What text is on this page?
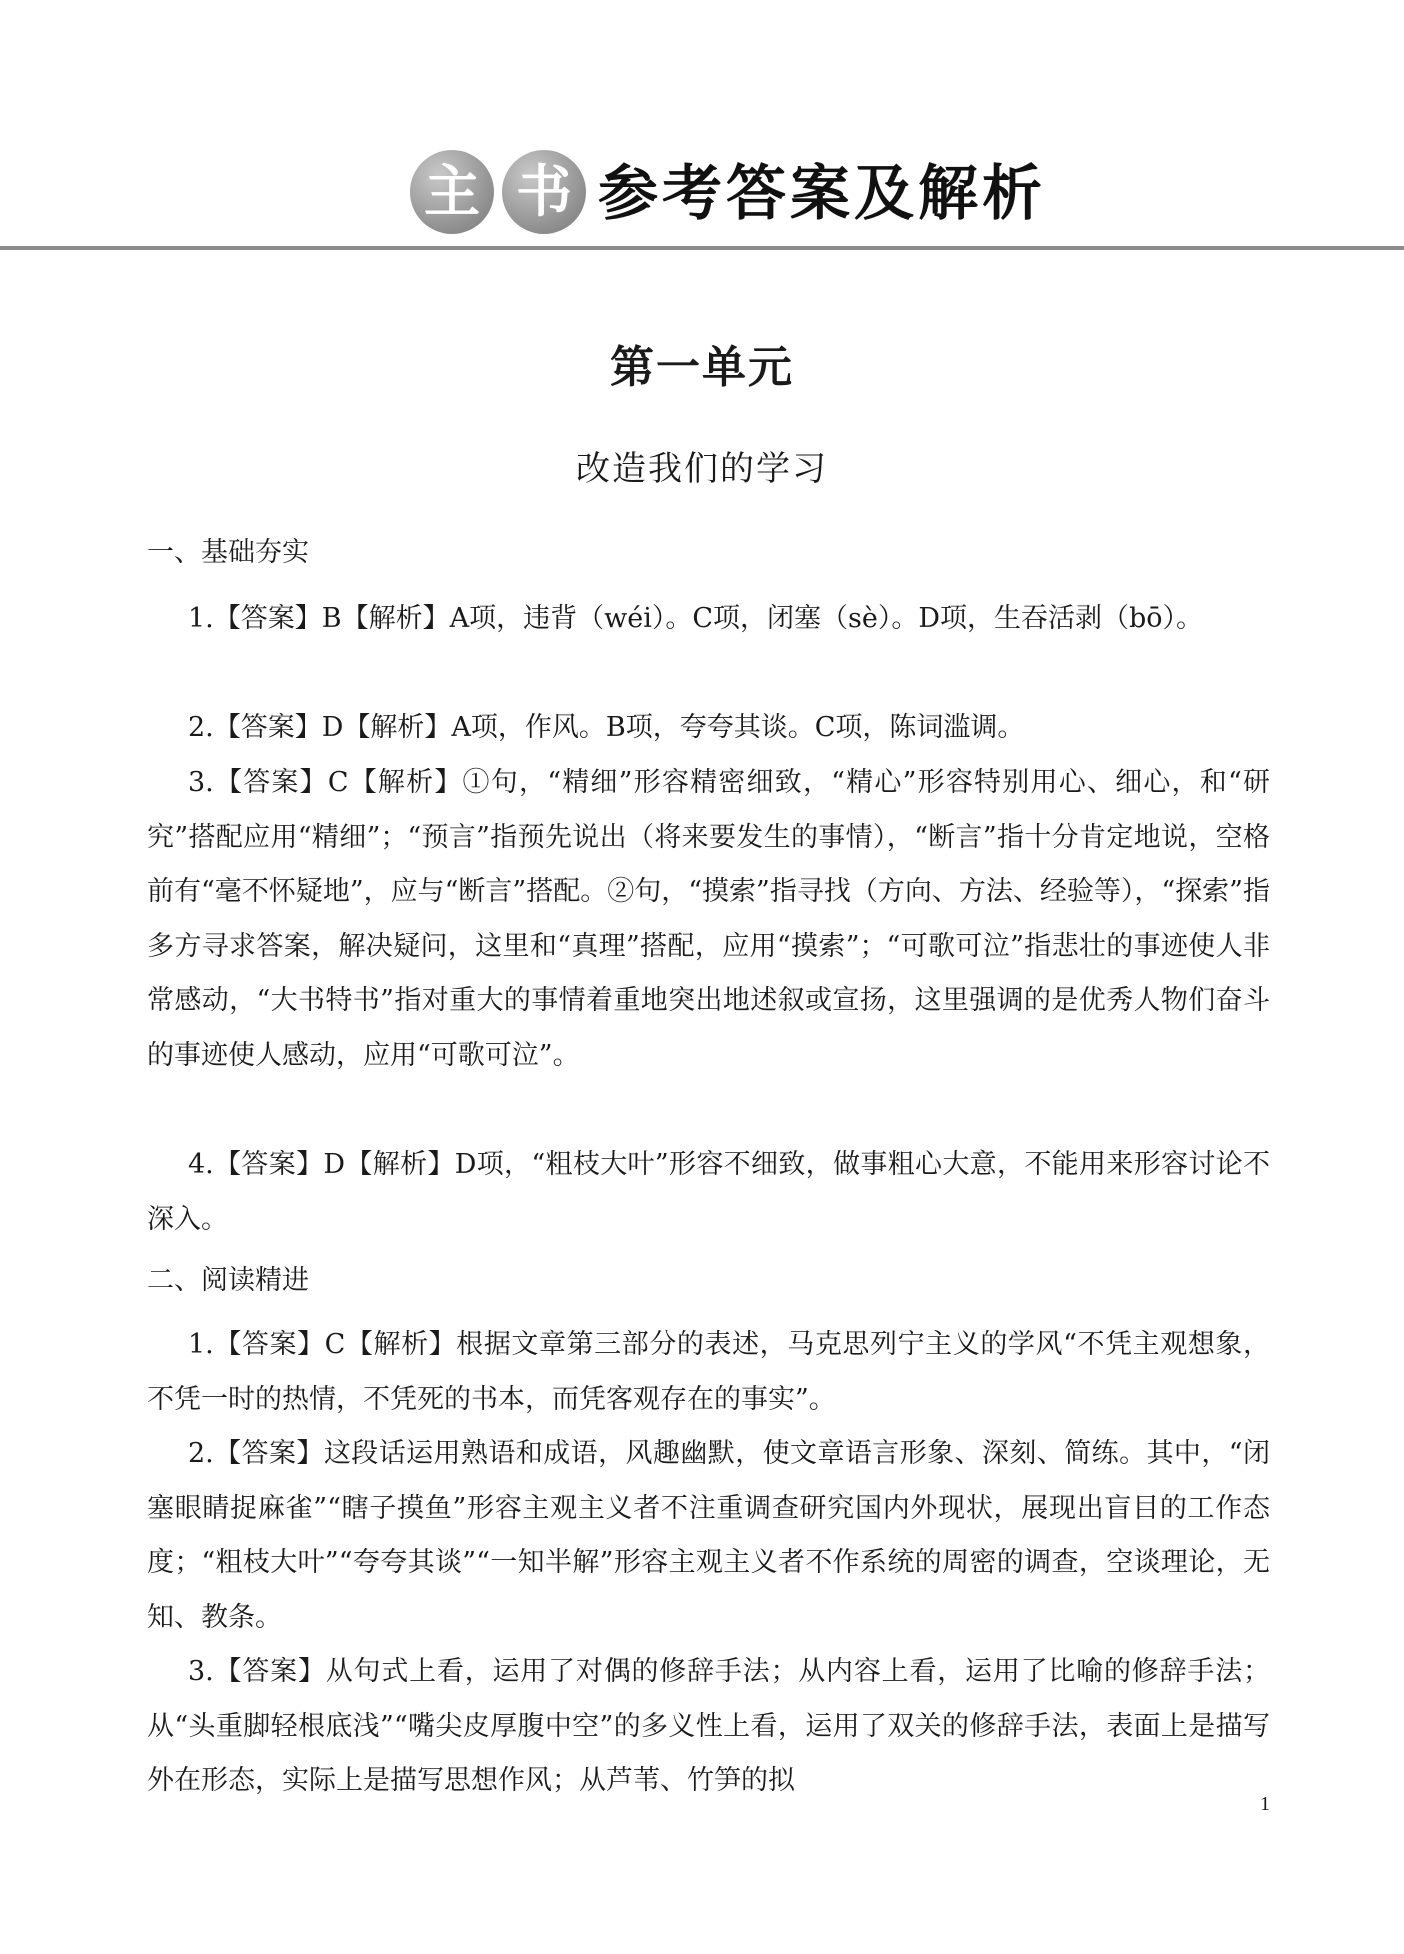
主 书 参考答案及解析
第一单元
改造我们的学习
一、基础夯实

1.【答案】B【解析】A项，违背（wéi）。C项，闭塞（sè）。D项，生吞活剥（bō）。

2.【答案】D【解析】A项，作风。B项，夸夸其谈。C项，陈词滥调。

3.【答案】C【解析】①句，“精细”形容精密细致，“精心”形容特别用心、细心，和“研究”搭配应用“精细”；“预言”指预先说出（将来要发生的事情），“断言”指十分肯定地说，空格前有“毫不怀疑地”，应与“断言”搭配。②句，“摸索”指寻找（方向、方法、经验等），“探索”指多方寻求答案，解决疑问，这里和“真理”搭配，应用“摸索”；“可歌可泣”指悲壮的事迹使人非常感动，“大书特书”指对重大的事情着重地突出地述叙或宣扬，这里强调的是优秀人物们奋斗的事迹使人感动，应用“可歌可泣”。

4.【答案】D【解析】D项，“粗枝大叶”形容不细致，做事粗心大意，不能用来形容讨论不深入。

二、阅读精进

1.【答案】C【解析】根据文章第三部分的表述，马克思列宁主义的学风“不凭主观想象，不凭一时的热情，不凭死的书本，而凭客观存在的事实”。

2.【答案】这段话运用熟语和成语，风趣幽默，使文章语言形象、深刻、简练。其中，“闭塞眼睛捉麻雀”“瞎子摸鱼”形容主观主义者不注重调查研究国内外现状，展现出盲目的工作态度；“粗枝大叶”“夸夸其谈”“一知半解”形容主观主义者不作系统的周密的调查，空谈理论，无知、教条。

3.【答案】从句式上看，运用了对偶的修辞手法；从内容上看，运用了比喻的修辞手法；从“头重脚轻根底浅”“嘴尖皮厚腹中空”的多义性上看，运用了双关的修辞手法，表面上是描写外在形态，实际上是描写思想作风；从芦苇、竹笋的拟

1
